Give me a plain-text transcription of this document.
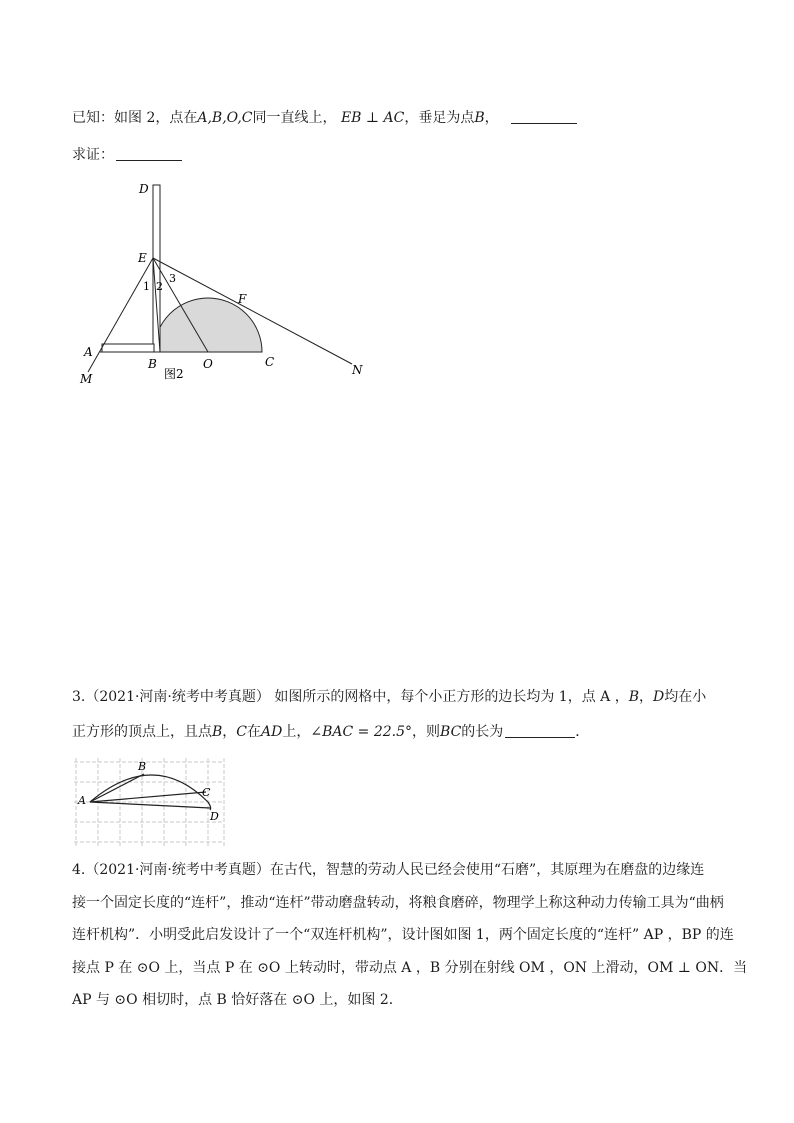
已知：如图 2，点在A,B,O,C同一直线上， EB ⊥ AC，垂足为点B，
求证：
D
E
F
1 2
3
A
B	O	C
M
N
图2
3.（2021·河南·统考中考真题） 如图所示的网格中，每个小正方形的边长均为 1，点 A ，B，D均在小
正方形的顶点上，且点B，C在AD上，∠BAC = 22.5°，则BC的长为	．
A
B
C
D
4.（2021·河南·统考中考真题）在古代，智慧的劳动人民已经会使用“石磨”，其原理为在磨盘的边缘连
接一个固定长度的“连杆”，推动“连杆”带动磨盘转动，将粮食磨碎，物理学上称这种动力传输工具为“曲柄
连杆机构”．小明受此启发设计了一个“双连杆机构”，设计图如图 1，两个固定长度的“连杆” AP ，BP 的连
接点 P 在 ⊙O 上，当点 P 在 ⊙O 上转动时，带动点 A ，B 分别在射线 OM ，ON 上滑动，OM ⊥ ON．当
AP 与 ⊙O 相切时，点 B 恰好落在 ⊙O 上，如图 2．
